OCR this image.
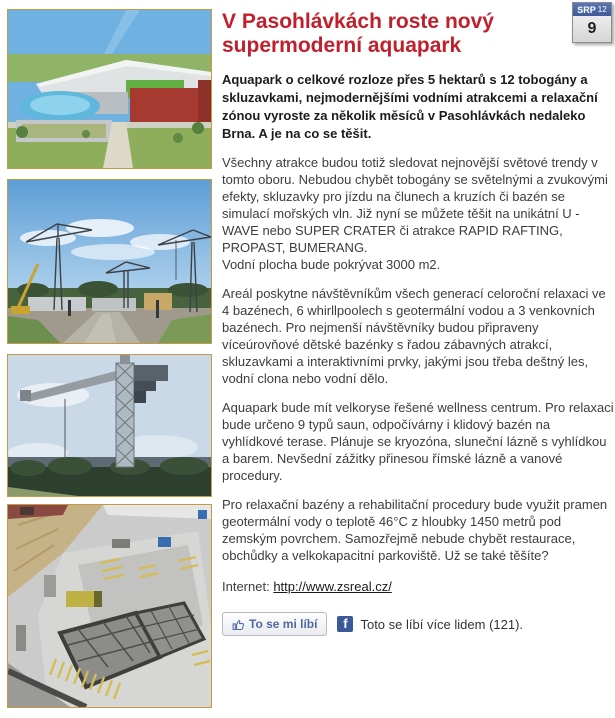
V Pasohlávkách roste nový supermoderní aquapark

Aquapark o celkové rozloze přes 5 hektarů s 12 tobogány a skluzavkami, nejmodernějšími vodními atrakcemi a relaxační zónou vyroste za několik měsíců v Pasohlávkách nedaleko Brna. A je na co se těšit.

Všechny atrakce budou totiž sledovat nejnovější světové trendy v tomto oboru. Nebudou chybět tobogány se světelnými a zvukovými efekty, skluzavky pro jízdu na člunech a kruzích či bazén se simulací mořských vln. Již nyní se můžete těšit na unikátní U - WAVE nebo SUPER CRATER či atrakce RAPID RAFTING, PROPAST, BUMERANG.
Vodní plocha bude pokrývat 3000 m2.

Areál poskytne návštěvníkům všech generací celoroční relaxaci ve 4 bazénech, 6 whirllpoolech s geotermální vodou a 3 venkovních bazénech. Pro nejmenší návštěvníky budou připraveny víceúrovňové dětské bazénky s řadou zábavných atrakcí, skluzavkami a interaktivními prvky, jakými jsou třeba deštný les, vodní clona nebo vodní dělo.

Aquapark bude mít velkoryse řešené wellness centrum. Pro relaxaci bude určeno 9 typů saun, odpočívárny i klidový bazén na vyhlídkové terase. Plánuje se kryozóna, sluneční lázně s vyhlídkou a barem. Nevšední zážitky přinesou římské lázně a vanové procedury.

Pro relaxační bazény a rehabilitační procedury bude využit pramen geotermální vody o teplotě 46°C z hloubky 1450 metrů pod zemským povrchem. Samozřejmě nebude chybět restaurace, obchůdky a velkokapacitní parkoviště. Už se také těšíte?

Internet: http://www.zsreal.cz/

To se mi líbí	f Toto se líbí více lidem (121).
SRP 12
9
